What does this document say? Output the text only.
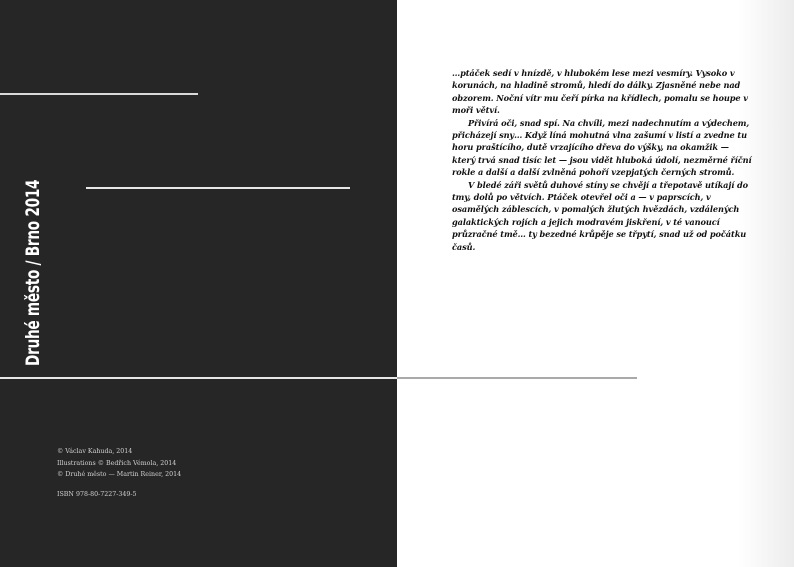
Druhé město / Brno 2014
© Václav Kahuda, 2014
Illustrations © Bedřich Vémola, 2014
© Druhé město — Martin Reiner, 2014
ISBN 978-80-7227-349-5

…ptáček sedí v hnízdě, v hlubokém lese mezi vesmíry. Vysoko v korunách, na hladině stromů, hledí do dálky. Zjasněné nebe nad obzorem. Noční vítr mu čeří pírka na křídlech, pomalu se houpe v moři větví.

Přivírá oči, snad spí. Na chvíli, mezi nadechnutím a výdechem, přicházejí sny… Když líná mohutná vlna zašumí v listí a zvedne tu horu praštícího, dutě vrzajícího dřeva do výšky, na okamžik — který trvá snad tisíc let — jsou vidět hluboká údolí, nezměrné říční rokle a další a další zvlněná pohoří vzepjatých černých stromů.

V bledé záři světů duhové stíny se chvějí a třepotavě utíkají do tmy, dolů po větvích. Ptáček otevřel oči a — v paprscích, v osamělých záblescích, v pomalých žlutých hvězdách, vzdálených galaktických rojích a jejich modravém jiskření, v té vanoucí průzračné tmě… ty bezedné krůpěje se třpytí, snad už od počátku časů.
